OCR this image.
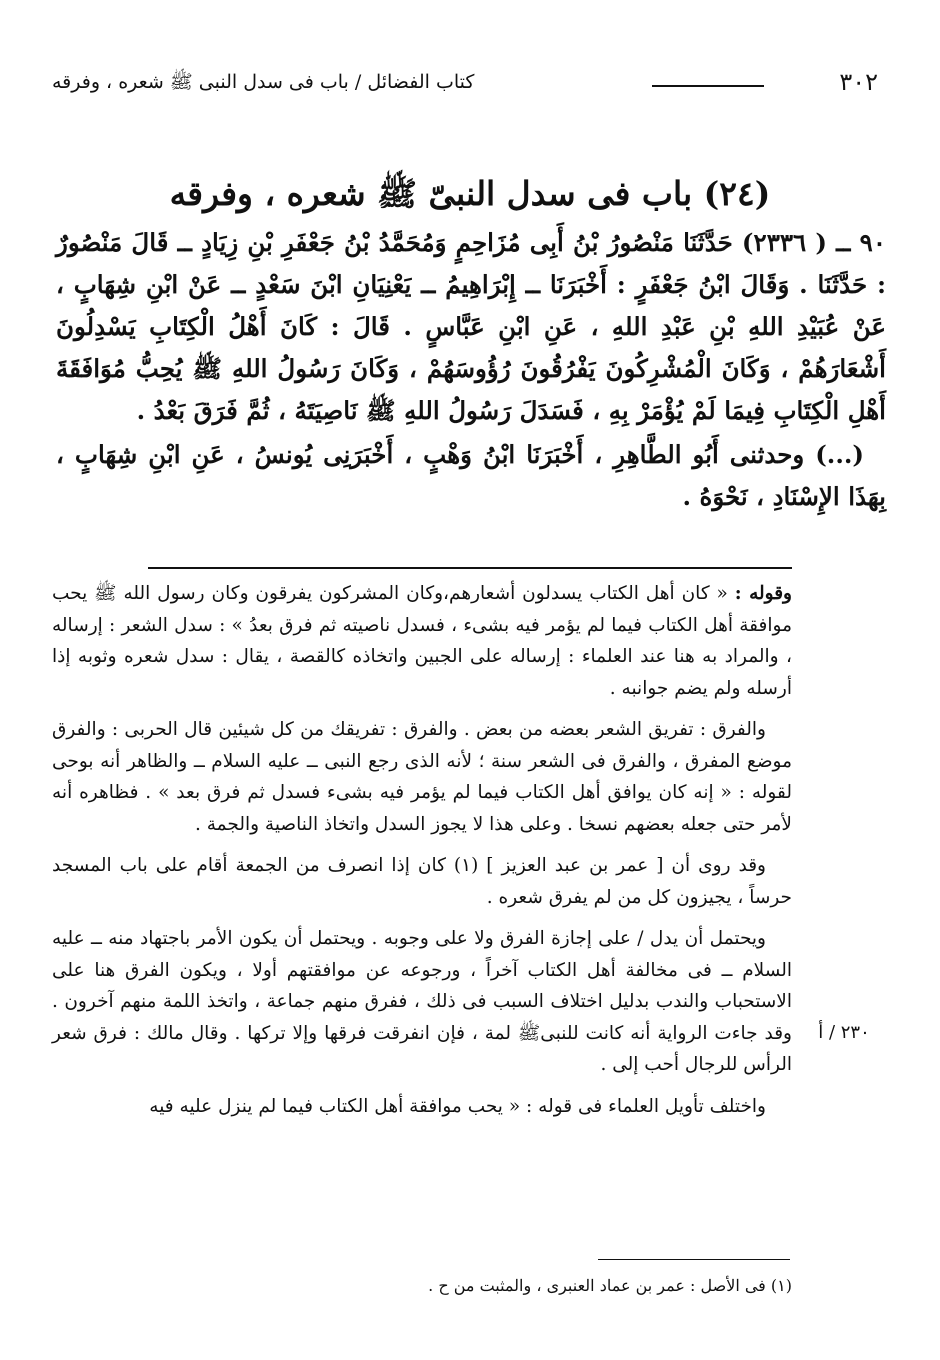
٣٠٢
كتاب الفضائل / باب فى سدل النبى ﷺ شعره ، وفرقه
(٢٤) باب فى سدل النبىّ ﷺ شعره ، وفرقه

٩٠ ــ ( ٢٣٣٦) حَدَّثَنَا مَنْصُورُ بْنُ أَبِى مُزَاحِمٍ وَمُحَمَّدُ بْنُ جَعْفَرِ بْنِ زِيَادٍ ــ قَالَ مَنْصُورٌ : حَدَّثَنَا . وَقَالَ ابْنُ جَعْفَرٍ : أَخْبَرَنَا ــ إِبْرَاهِيمُ ــ يَعْنِيَانِ ابْنَ سَعْدٍ ــ عَنْ ابْنِ شِهَابٍ ، عَنْ عُبَيْدِ اللهِ بْنِ عَبْدِ اللهِ ، عَنِ ابْنِ عَبَّاسٍ . قَالَ : كَانَ أَهْلُ الْكِتَابِ يَسْدِلُونَ أَشْعَارَهُمْ ، وَكَانَ الْمُشْرِكُونَ يَفْرُقُونَ رُؤُوسَهُمْ ، وَكَانَ رَسُولُ اللهِ ﷺ يُحِبُّ مُوَافَقَةَ أَهْلِ الْكِتَابِ فِيمَا لَمْ يُؤْمَرْ بِهِ ، فَسَدَلَ رَسُولُ اللهِ ﷺ نَاصِيَتَهُ ، ثُمَّ فَرَقَ بَعْدُ .

(...) وحدثنى أَبُو الطَّاهِرِ ، أَخْبَرَنَا ابْنُ وَهْبٍ ، أَخْبَرَنِى يُونسُ ، عَنِ ابْنِ شِهَابٍ ، بِهَذَا الإِسْنَادِ ، نَحْوَهُ .

وقوله : « كان أهل الكتاب يسدلون أشعارهم،وكان المشركون يفرقون وكان رسول الله ﷺ يحب موافقة أهل الكتاب فيما لم يؤمر فيه بشىء ، فسدل ناصيته ثم فرق بعدُ » : سدل الشعر : إرساله ، والمراد به هنا عند العلماء : إرساله على الجبين واتخاذه كالقصة ، يقال : سدل شعره وثوبه إذا أرسله ولم يضم جوانبه .

والفرق : تفريق الشعر بعضه من بعض . والفرق : تفريقك من كل شيئين قال الحربى : والفرق موضع المفرق ، والفرق فى الشعر سنة ؛ لأنه الذى رجع النبى ــ عليه السلام ــ والظاهر أنه بوحى لقوله : « إنه كان يوافق أهل الكتاب فيما لم يؤمر فيه بشىء فسدل ثم فرق بعد » . فظاهره أنه لأمر حتى جعله بعضهم نسخا . وعلى هذا لا يجوز السدل واتخاذ الناصية والجمة .

وقد روى أن [ عمر بن عبد العزيز ] (١) كان إذا انصرف من الجمعة أقام على باب المسجد حرساً ، يجيزون كل من لم يفرق شعره .

ويحتمل أن يدل / على إجازة الفرق ولا على وجوبه . ويحتمل أن يكون الأمر باجتهاد منه ــ عليه السلام ــ فى مخالفة أهل الكتاب آخراً ، ورجوعه عن موافقتهم أولا ، ويكون الفرق هنا على الاستحباب والندب بدليل اختلاف السبب فى ذلك ، ففرق منهم جماعة ، واتخذ اللمة منهم آخرون . وقد جاءت الرواية أنه كانت للنبىﷺ لمة ، فإن انفرقت فرقها وإلا تركها . وقال مالك : فرق شعر الرأس للرجال أحب إلى .

واختلف تأويل العلماء فى قوله : « يحب موافقة أهل الكتاب فيما لم ينزل عليه فيه

٢٣٠ / أ
(١) فى الأصل : عمر بن عماد العنبرى ، والمثبت من ح .
